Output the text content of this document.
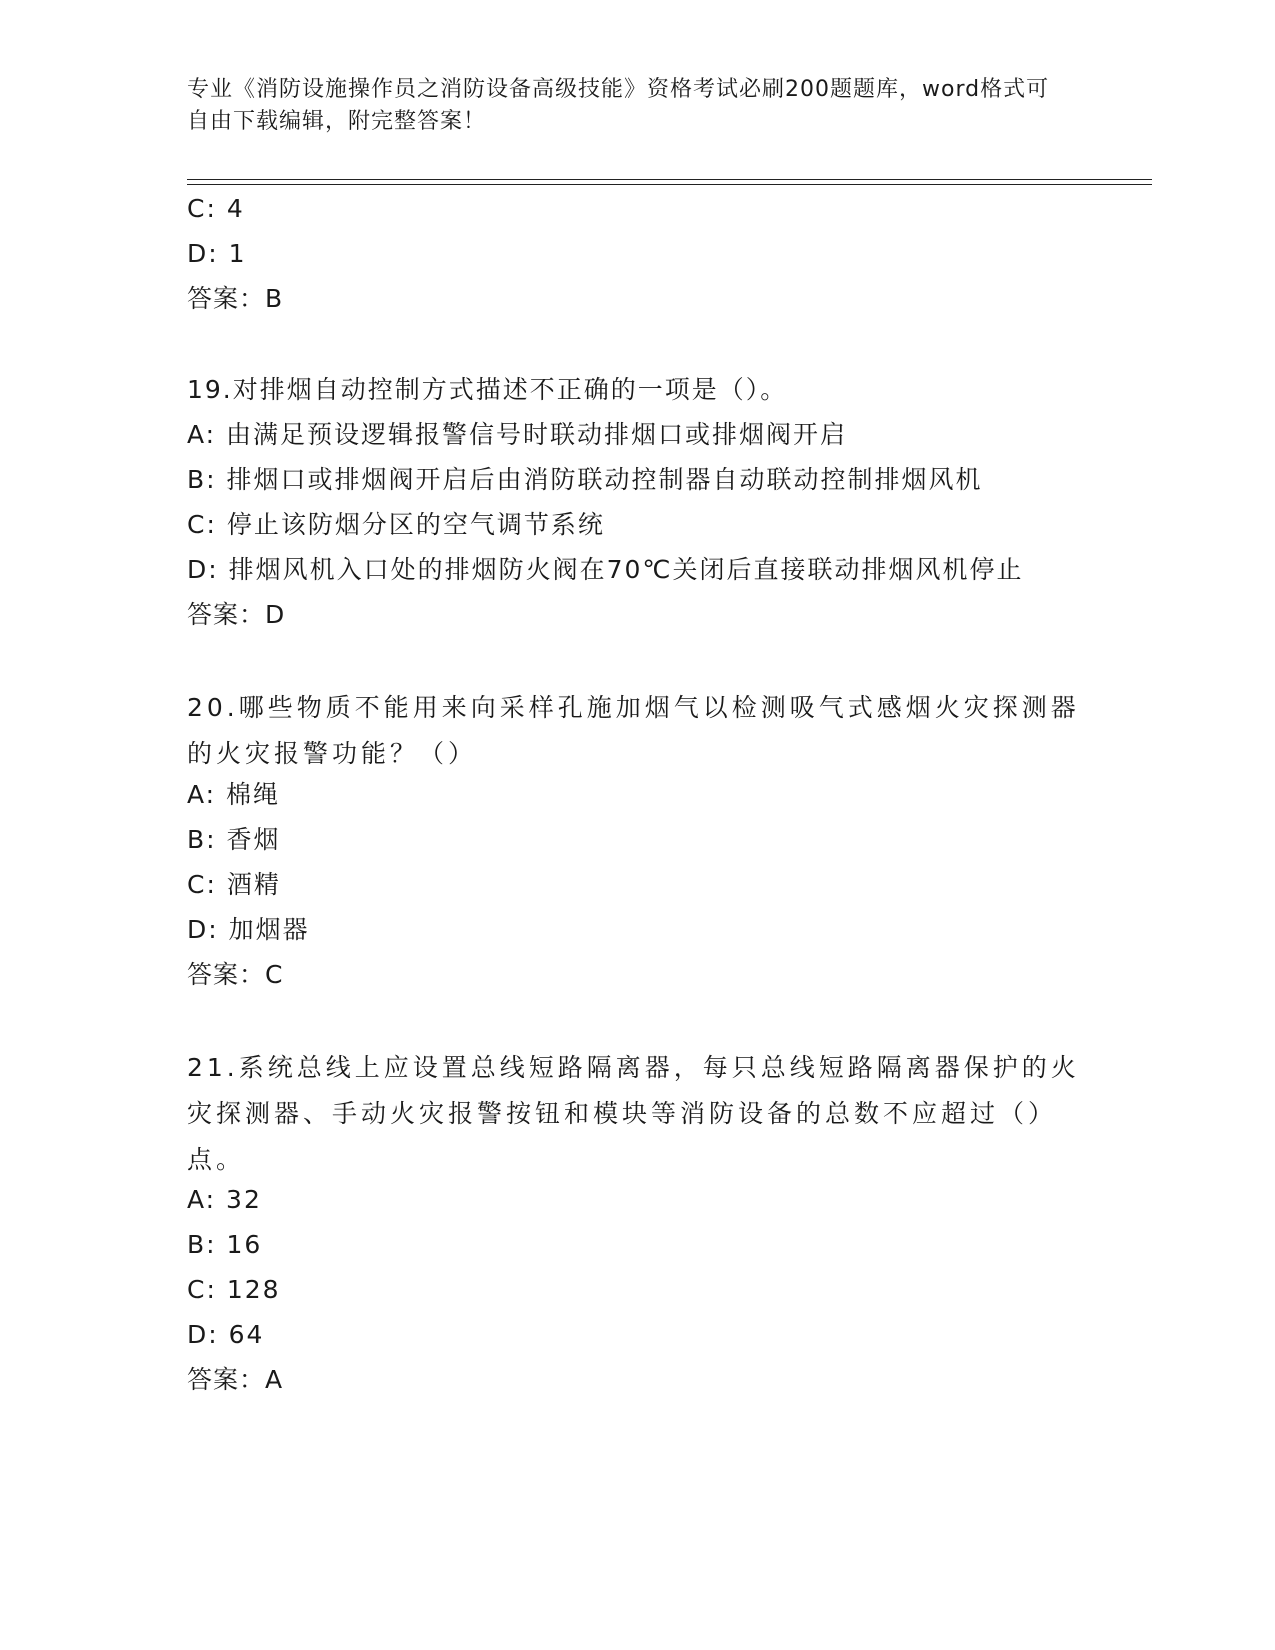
专业《消防设施操作员之消防设备高级技能》资格考试必刷200题题库，word格式可自由下载编辑，附完整答案！
C: 4
D: 1
答案：B
19.对排烟自动控制方式描述不正确的一项是（）。
A: 由满足预设逻辑报警信号时联动排烟口或排烟阀开启
B: 排烟口或排烟阀开启后由消防联动控制器自动联动控制排烟风机
C: 停止该防烟分区的空气调节系统
D: 排烟风机入口处的排烟防火阀在70℃关闭后直接联动排烟风机停止
答案：D
20.哪些物质不能用来向采样孔施加烟气以检测吸气式感烟火灾探测器的火灾报警功能？（）
A: 棉绳
B: 香烟
C: 酒精
D: 加烟器
答案：C
21.系统总线上应设置总线短路隔离器，每只总线短路隔离器保护的火灾探测器、手动火灾报警按钮和模块等消防设备的总数不应超过（）点。
A: 32
B: 16
C: 128
D: 64
答案：A
